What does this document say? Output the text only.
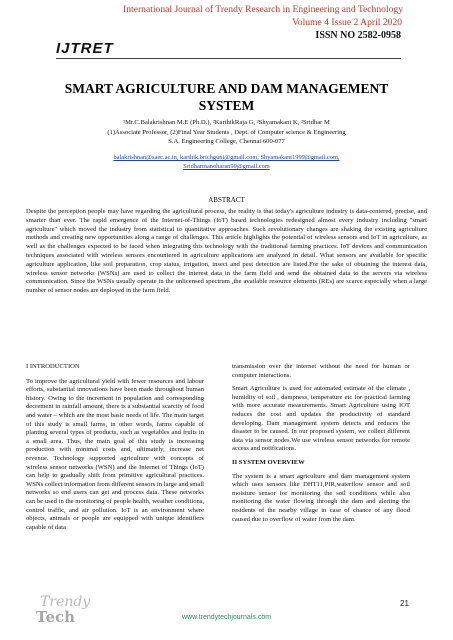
International Journal of Trendy Research in Engineering and Technology
Volume 4 Issue 2 April 2020
ISSN NO 2582-0958
IJTRET
SMART AGRICULTURE AND DAM MANAGEMENT SYSTEM
¹Mr.C.Balakrishnan M.E (Ph.D.), ²KarthikRaja G, ²Shyamakant K, ²Sridhar M
(1)Associate Professor, (2)Final Year Students , Dept. of Computer science & Engineering
S.A. Engineering College, Chennai 600-077
balakrishnan@saec.ac.in, karthik.brichguni@gmail.com, Shyamakant1999@gmail.com,
Sridharmanoharan99@gmail.com
ABSTRACT
Despite the perception people may have regarding the agricultural process, the reality is that today's agriculture industry is data-centered, precise, and smarter than ever. The rapid emergence of the Internet-of-Things (IoT) based technologies redesigned almost every industry including ''smart agriculture'' which moved the industry from statistical to quantitative approaches. Such revolutionary changes are shaking the existing agriculture methods and creating new opportunities along a range of challenges. This article highlights the potential of wireless sensors and IoT in agriculture, as well as the challenges expected to be faced when integrating this technology with the traditional farming practices. IoT devices and communication techniques associated with wireless sensors encountered in agriculture applications are analyzed in detail. What sensors are available for specific agriculture application, like soil preparation, crop status, irrigation, insect and pest detection are listed.For the sake of obtaining the interest data, wireless sensor networks (WSNs) are used to collect the interest data in the farm field and send the obtained data to the servers via wireless communication. Since the WSNs usually operate in the unlicensed spectrum ,the available resource elements (REs) are scarce especially when a large number of sensor nodes are deployed in the farm field.
I INTRODUCTION

To improve the agricultural yield with fewer resources and labour efforts, substantial innovations have been made throughout human history. Owing to the increment in population and corresponding decrement in rainfall amount, there is a substantial scarcity of food and water – which are the most basic needs of life. The main target of this study is small farms, in other words, farms capable of planting several types of products, such as vegetables and fruits in a small area. Thus, the main goal of this study is increasing production with minimal costs and, ultimately, increase net revenue. Technology supported agriculture with concepts of wireless sensor networks (WSN) and the Internet of Things (IoT) can help to gradually shift from primitive agricultural practices. WSNs collect information from different sensors in large and small networks so end users can get and process data. These networks can be used in the monitoring of people health, weather conditions, control traffic, and air pollution. IoT is an environment where objects, animals or people are equipped with unique identifiers capable of data

transmission over the internet without the need for human or computer interactions.

Smart Agriculture is used for automated estimate of the climate , humidity of soil , dampness, temperature etc for practical farming with more accurate measurements. Smart Agriculture using IOT reduces the cost and updates the productivity of standard developing. Dam management system detects and reduces the disaster to be caused. In our proposed system, we collect different data via sensor nodes.We use wireless sensor networks for remote access and notifications.

II SYSTEM OVERVIEW

The system is a smart agriculture and dam management system which uses sensors like DHT11,PIR,waterflow sensor and soil moisture sensor for monitoring the soil conditions while also monitoring the water flowing through the dam and alerting the residents of the nearby village in case of chance of any flood caused due to overflow of water from the dam.

Trendy
Tech	www.trendytechjournals.com
21
